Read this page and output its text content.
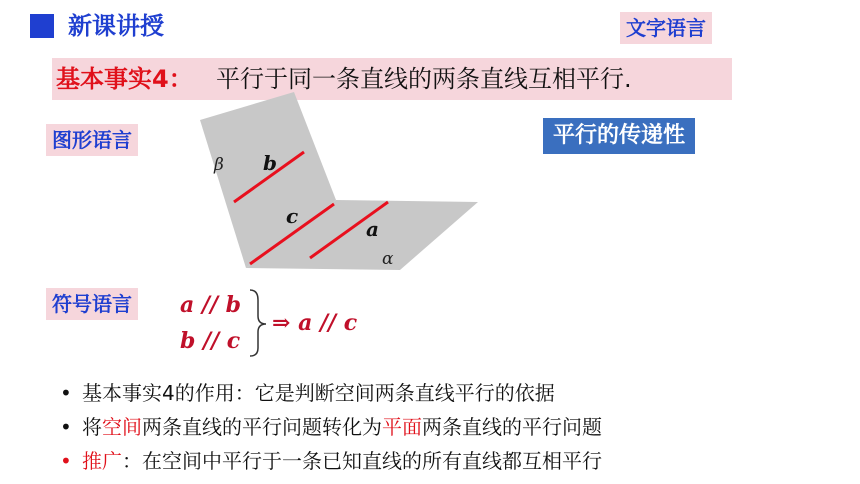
新课讲授	文字语言
基本事实4： 平行于同一条直线的两条直线互相平行.
图形语言	平行的传递性
β b
c
a
α
符号语言 a // b
b // c
⇒ a // c
• 基本事实4的作用：它是判断空间两条直线平行的依据
• 将空间两条直线的平行问题转化为平面两条直线的平行问题
• 推广：在空间中平行于一条已知直线的所有直线都互相平行
